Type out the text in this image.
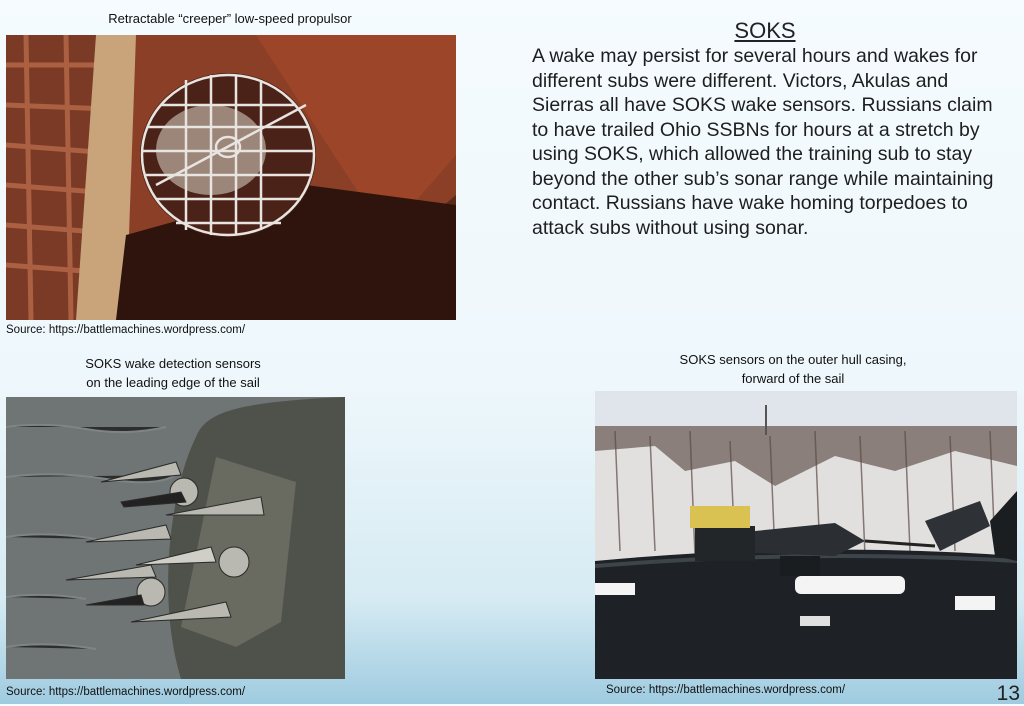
Retractable “creeper” low-speed propulsor
Source: https://battlemachines.wordpress.com/
SOKS
A wake may persist for several hours and wakes for different subs were different. Victors, Akulas and Sierras all have SOKS wake sensors. Russians claim to have trailed Ohio SSBNs for hours at a stretch by using SOKS, which allowed the training sub to stay beyond the other sub’s sonar range while maintaining contact. Russians have wake homing torpedoes to attack subs without using sonar.
SOKS wake detection sensors
on the leading edge of the sail
Source: https://battlemachines.wordpress.com/
SOKS sensors on the outer hull casing,
forward of the sail
Source: https://battlemachines.wordpress.com/	13
